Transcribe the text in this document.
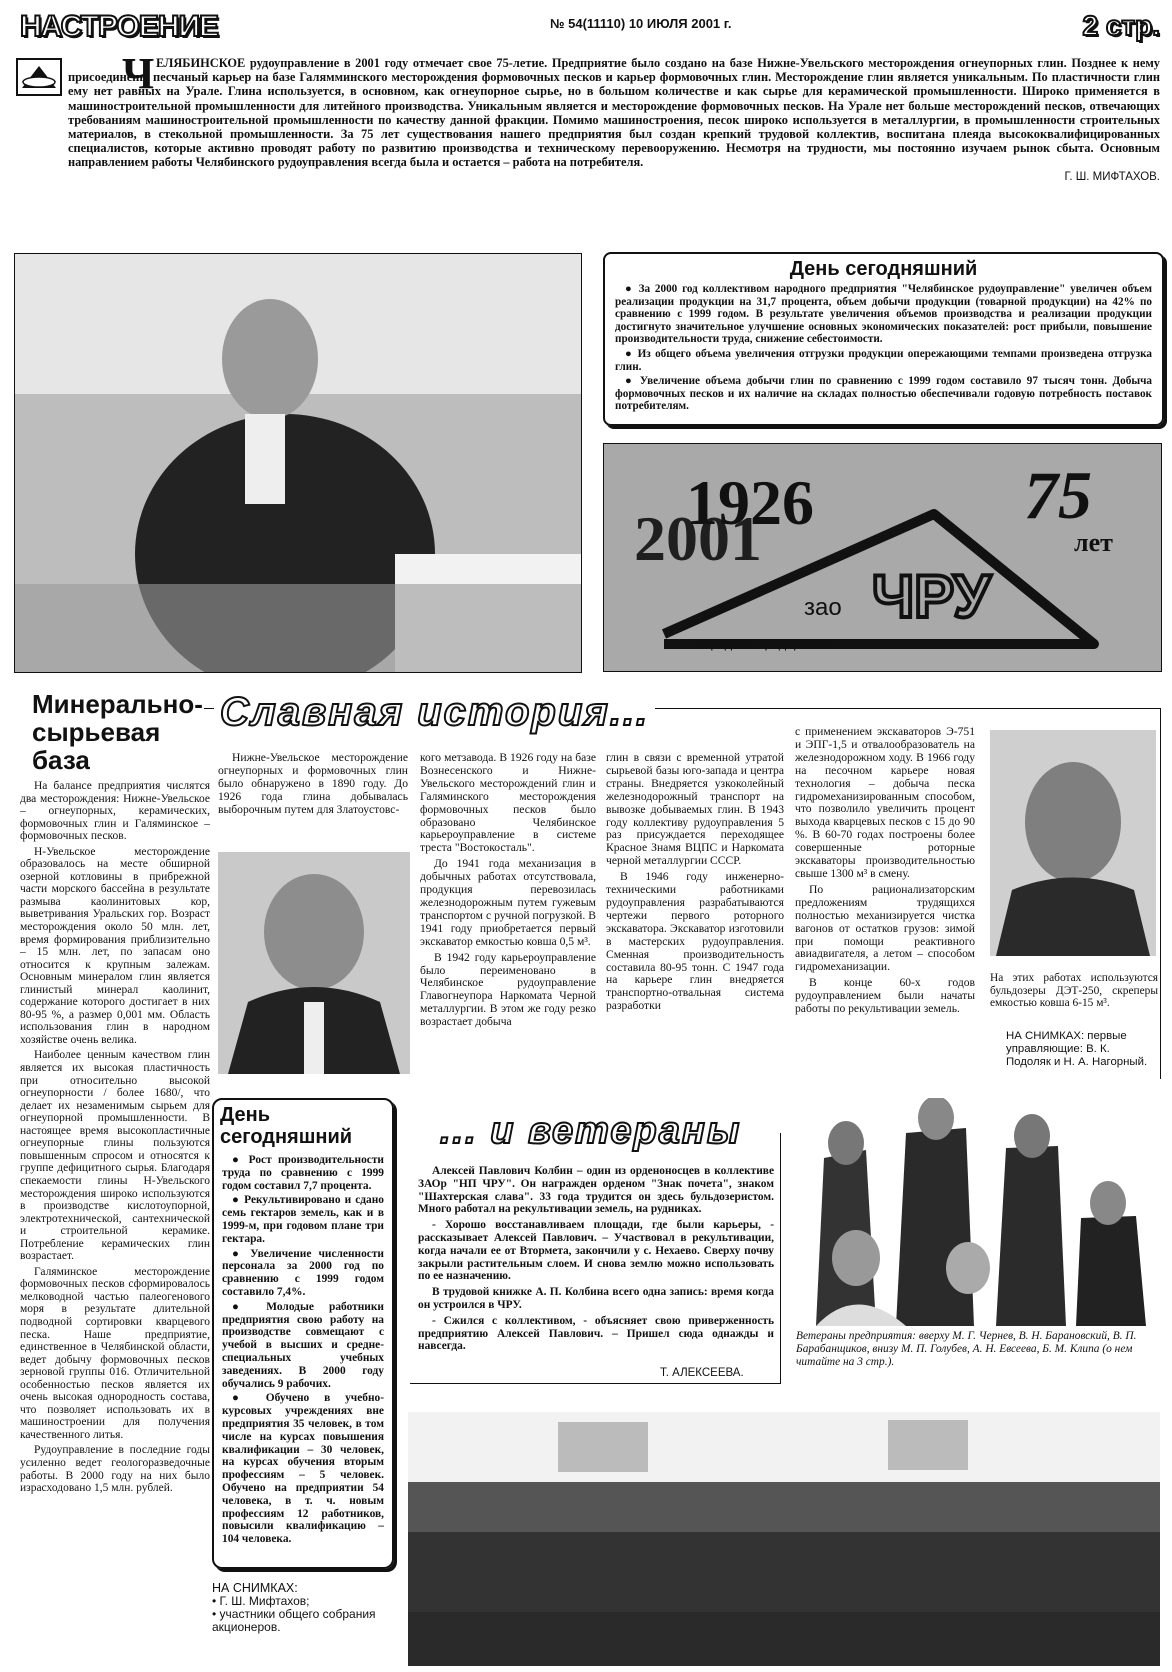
НАСТРОЕНИЕ	№ 54(11110) 10 ИЮЛЯ 2001 г.	2 стр.
Ч ЕЛЯБИНСКОЕ рудоуправление в 2001 году отмечает свое 75-летие. Предприятие было создано на базе Нижне-Увельского месторождения огнеупорных глин. Позднее к нему присоединены песчаный карьер на базе Галямминского месторождения формовочных песков и карьер формовочных глин. Месторождение глин является уникальным. По пластичности глин ему нет равных на Урале. Глина используется, в основном, как огнеупорное сырье, но в большом количестве и как сырье для керамической промышленности. Широко применяется в машиностроительной промышленности для литейного производства. Уникальным является и месторождение формовочных песков. На Урале нет больше месторождений песков, отвечающих требованиям машиностроительной промышленности по качеству данной фракции. Помимо машиностроения, песок широко используется в металлургии, в промышленности строительных материалов, в стекольной промышленности. За 75 лет существования нашего предприятия был создан крепкий трудовой коллектив, воспитана плеяда высококвалифицированных специалистов, которые активно проводят работу по развитию производства и техническому перевооружению. Несмотря на трудности, мы постоянно изучаем рынок сбыта. Основным направлением работы Челябинского рудоуправления всегда была и остается – работа на потребителя.
Г. Ш. МИФТАХОВ.
День сегодняшний

● За 2000 год коллективом народного предприятия "Челябинское рудоуправление" увеличен объем реализации продукции на 31,7 процента, объем добычи продукции (товарной продукции) на 42% по сравнению с 1999 годом. В результате увеличения объемов производства и реализации продукции достигнуто значительное улучшение основных экономических показателей: рост прибыли, повышение производительности труда, снижение себестоимости.

● Из общего объема увеличения отгрузки продукции опережающими темпами произведена отгрузка глин.

● Увеличение объема добычи глин по сравнению с 1999 годом составило 97 тысяч тонн. Добыча формовочных песков и их наличие на складах полностью обеспечивали годовую потребность поставок потребителям.

1926
2001
75
лет
зао ЧРУ
народное предприятие
Минерально-сырьевая база

На балансе предприятия числятся два месторождения: Нижне-Увельское – огнеупорных, керамических, формовочных глин и Галяминское – формовочных песков.

Н-Увельское месторождение образовалось на месте обширной озерной котловины в прибрежной части морского бассейна в результате размыва каолинитовых кор, выветривания Уральских гор. Возраст месторождения около 50 млн. лет, время формирования приблизительно – 15 млн. лет, по запасам оно относится к крупным залежам. Основным минералом глин является глинистый минерал каолинит, содержание которого достигает в них 80-95 %, а размер 0,001 мм. Область использования глин в народном хозяйстве очень велика.

Наиболее ценным качеством глин является их высокая пластичность при относительно высокой огнеупорности / более 1680/, что делает их незаменимым сырьем для огнеупорной промышленности. В настоящее время высокопластичные огнеупорные глины пользуются повышенным спросом и относятся к группе дефицитного сырья. Благодаря спекаемости глины Н-Увельского месторождения широко используются в производстве кислотоупорной, электротехнической, сантехнической и строительной керамике. Потребление керамических глин возрастает.

Галяминское месторождение формовочных песков сформировалось мелководной частью палеогенового моря в результате длительной подводной сортировки кварцевого песка. Наше предприятие, единственное в Челябинской области, ведет добычу формовочных песков зерновой группы 016. Отличительной особенностью песков является их очень высокая однородность состава, что позволяет использовать их в машиностроении для получения качественного литья.

Рудоуправление в последние годы усиленно ведет геологоразведочные работы. В 2000 году на них было израсходовано 1,5 млн. рублей.

Славная история...

Нижне-Увельское месторождение огнеупорных и формовочных глин было обнаружено в 1890 году. До 1926 года глина добывалась выборочным путем для Златоустовс-

кого метзавода. В 1926 году на базе Вознесенского и Нижне-Увельского месторождений глин и Галяминского месторождения формовочных песков было образовано Челябинское карьероуправление в системе треста "Востокосталь".

До 1941 года механизация в добычных работах отсутствовала, продукция перевозилась железнодорожным путем гужевым транспортом с ручной погрузкой. В 1941 году приобретается первый экскаватор емкостью ковша 0,5 м³.

В 1942 году карьероуправление было переименовано в Челябинское рудоуправление Главогнеупора Наркомата Черной металлургии. В этом же году резко возрастает добыча

глин в связи с временной утратой сырьевой базы юго-запада и центра страны. Внедряется узкоколейный железнодорожный транспорт на вывозке добываемых глин. В 1943 году коллективу рудоуправления 5 раз присуждается переходящее Красное Знамя ВЦПС и Наркомата черной металлургии СССР.

В 1946 году инженерно-техническими работниками рудоуправления разрабатываются чертежи первого роторного экскаватора. Экскаватор изготовили в мастерских рудоуправления. Сменная производительность составила 80-95 тонн. С 1947 года на карьере глин внедряется транспортно-отвальная система разработки

с применением экскаваторов Э-751 и ЭПГ-1,5 и отвалообразователь на железнодорожном ходу. В 1966 году на песочном карьере новая технология – добыча песка гидромеханизированным способом, что позволило увеличить процент выхода кварцевых песков с 15 до 90 %. В 60-70 годах построены более совершенные роторные экскаваторы производительностью свыше 1300 м³ в смену.

По рационализаторским предложениям трудящихся полностью механизируется чистка вагонов от остатков грузов: зимой при помощи реактивного авиадвигателя, а летом – способом гидромеханизации.

В конце 60-х годов рудоуправлением были начаты работы по рекультивации земель.

На этих работах используются бульдозеры ДЭТ-250, скреперы емкостью ковша 6-15 м³.
НА СНИМКАХ: первые управляющие: В. К. Подоляк и Н. А. Нагорный.
День сегодняшний

● Рост производительности труда по сравнению с 1999 годом составил 7,7 процента.

● Рекультивировано и сдано семь гектаров земель, как и в 1999-м, при годовом плане три гектара.

● Увеличение численности персонала за 2000 год по сравнению с 1999 годом составило 7,4%.

● Молодые работники предприятия свою работу на производстве совмещают с учебой в высших и средне-специальных учебных заведениях. В 2000 году обучались 9 рабочих.

● Обучено в учебно-курсовых учреждениях вне предприятия 35 человек, в том числе на курсах повышения квалификации – 30 человек, на курсах обучения вторым профессиям – 5 человек. Обучено на предприятии 54 человека, в т. ч. новым профессиям 12 работников, повысили квалификацию – 104 человека.

НА СНИМКАХ:
• Г. Ш. Мифтахов;
• участники общего собрания акционеров.
... и ветераны

Алексей Павлович Колбин – один из орденоносцев в коллективе ЗАОр "НП ЧРУ". Он награжден орденом "Знак почета", знаком "Шахтерская слава". 33 года трудится он здесь бульдозеристом. Много работал на рекультивации земель, на рудниках.

- Хорошо восстанавливаем площади, где были карьеры, - рассказывает Алексей Павлович. – Участвовал в рекультивации, когда начали ее от Вторметa, закончили у с. Нехаево. Сверху почву закрыли растительным слоем. И снова землю можно использовать по ее назначению.

В трудовой книжке А. П. Колбина всего одна запись: время когда он устроился в ЧРУ.

- Сжился с коллективом, - объясняет свою приверженность предприятию Алексей Павлович. – Пришел сюда однажды и навсегда.

Т. АЛЕКСЕЕВА.
Ветераны предприятия: вверху М. Г. Чернев, В. Н. Барановский, В. П. Барабанщиков, внизу М. П. Голубев, А. Н. Евсеева, Б. М. Клипа (о нем читайте на 3 стр.).
